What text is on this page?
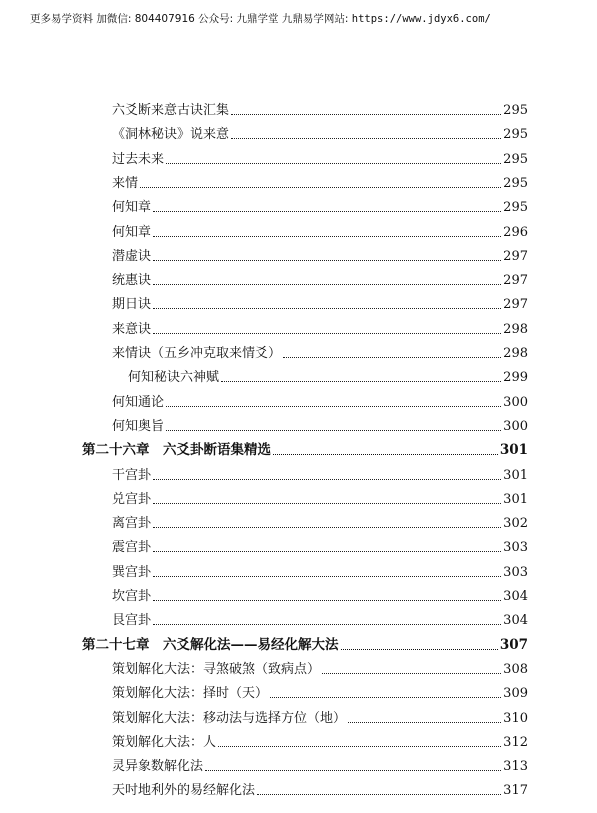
更多易学资料 加微信: 804407916 公众号: 九鼎学堂 九鼎易学网站: https://www.jdyx6.com/
六爻断来意古诀汇集	295
《洞林秘诀》说来意	295
过去未来	295
来情	295
何知章	295
何知章	296
潜虚诀	297
统惠诀	297
期日诀	297
来意诀	298
来情诀（五乡冲克取来情爻）	298
何知秘诀六神赋	299
何知通论	300
何知奥旨	300
第二十六章　六爻卦断语集精选	301
干宫卦	301
兑宫卦	301
离宫卦	302
震宫卦	303
巽宫卦	303
坎宫卦	304
艮宫卦	304
第二十七章　六爻解化法——易经化解大法	307
策划解化大法：寻煞破煞（致病点）	308
策划解化大法：择时（天）	309
策划解化大法：移动法与选择方位（地）	310
策划解化大法：人	312
灵异象数解化法	313
天吋地利外的易经解化法	317
